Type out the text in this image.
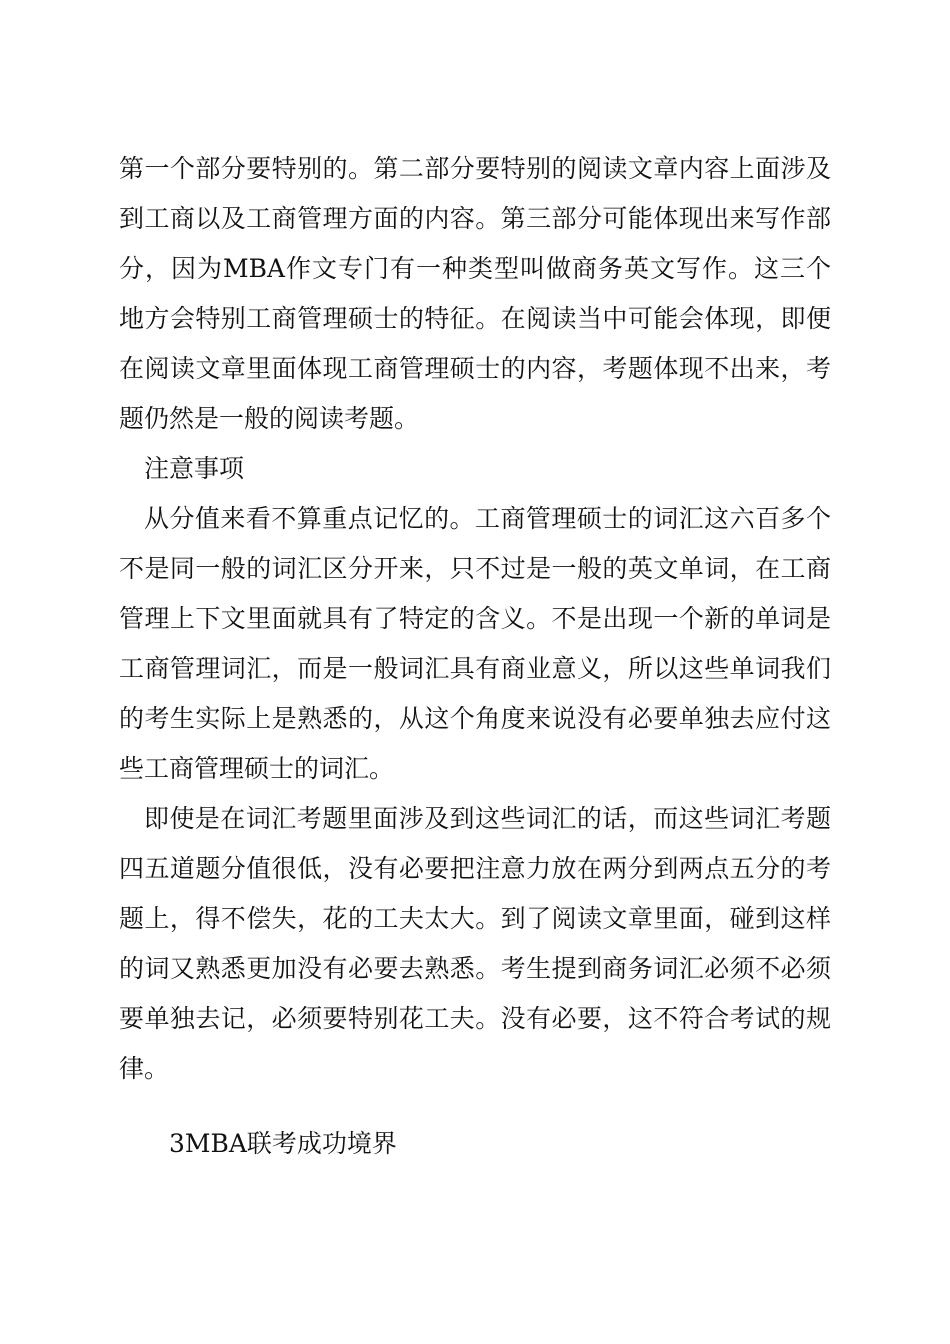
第一个部分要特别的。第二部分要特别的阅读文章内容上面涉及到工商以及工商管理方面的内容。第三部分可能体现出来写作部分，因为MBA作文专门有一种类型叫做商务英文写作。这三个地方会特别工商管理硕士的特征。在阅读当中可能会体现，即便在阅读文章里面体现工商管理硕士的内容，考题体现不出来，考题仍然是一般的阅读考题。

注意事项

从分值来看不算重点记忆的。工商管理硕士的词汇这六百多个不是同一般的词汇区分开来，只不过是一般的英文单词，在工商管理上下文里面就具有了特定的含义。不是出现一个新的单词是工商管理词汇，而是一般词汇具有商业意义，所以这些单词我们的考生实际上是熟悉的，从这个角度来说没有必要单独去应付这些工商管理硕士的词汇。

即使是在词汇考题里面涉及到这些词汇的话，而这些词汇考题四五道题分值很低，没有必要把注意力放在两分到两点五分的考题上，得不偿失，花的工夫太大。到了阅读文章里面，碰到这样的词又熟悉更加没有必要去熟悉。考生提到商务词汇必须不必须要单独去记，必须要特别花工夫。没有必要，这不符合考试的规律。

3MBA联考成功境界
